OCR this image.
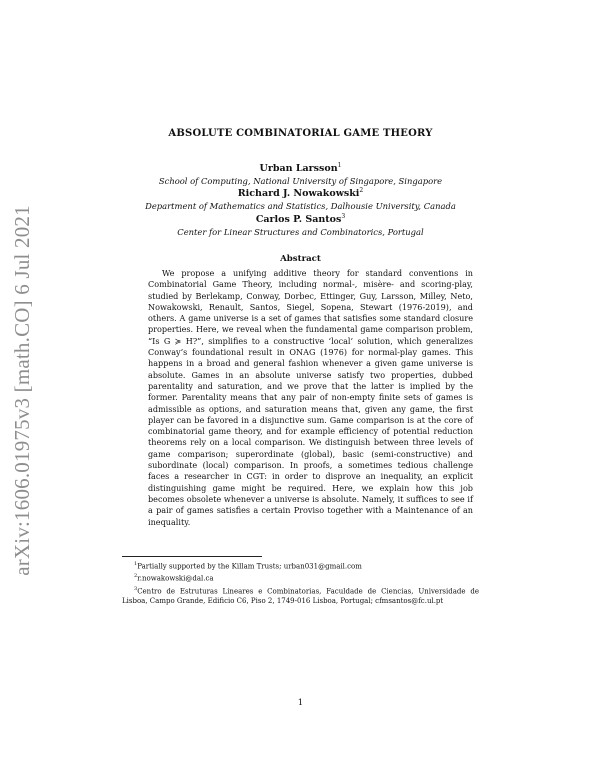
arXiv:1606.01975v3 [math.CO] 6 Jul 2021
ABSOLUTE COMBINATORIAL GAME THEORY
Urban Larsson$^1$
School of Computing, National University of Singapore, Singapore
Richard J. Nowakowski$^2$
Department of Mathematics and Statistics, Dalhousie University, Canada
Carlos P. Santos$^3$
Center for Linear Structures and Combinatorics, Portugal
Abstract

We propose a unifying additive theory for standard conventions in Combinatorial Game Theory, including normal-, misère- and scoring-play, studied by Berlekamp, Conway, Dorbec, Ettinger, Guy, Larsson, Milley, Neto, Nowakowski, Renault, Santos, Siegel, Sopena, Stewart (1976-2019), and others. A game universe is a set of games that satisfies some standard closure properties. Here, we reveal when the fundamental game comparison problem, “Is G ≽ H?”, simplifies to a constructive ‘local’ solution, which generalizes Conway’s foundational result in ONAG (1976) for normal-play games. This happens in a broad and general fashion whenever a given game universe is absolute. Games in an absolute universe satisfy two properties, dubbed parentality and saturation, and we prove that the latter is implied by the former. Parentality means that any pair of non-empty finite sets of games is admissible as options, and saturation means that, given any game, the first player can be favored in a disjunctive sum. Game comparison is at the core of combinatorial game theory, and for example efficiency of potential reduction theorems rely on a local comparison. We distinguish between three levels of game comparison; superordinate (global), basic (semi-constructive) and subordinate (local) comparison. In proofs, a sometimes tedious challenge faces a researcher in CGT: in order to disprove an inequality, an explicit distinguishing game might be required. Here, we explain how this job becomes obsolete whenever a universe is absolute. Namely, it suffices to see if a pair of games satisfies a certain Proviso together with a Maintenance of an inequality.

$^1$Partially supported by the Killam Trusts; urban031@gmail.com

$^2$r.nowakowski@dal.ca

$^3$Centro de Estruturas Lineares e Combinatorias, Faculdade de Ciencias, Universidade de Lisboa, Campo Grande, Edificio C6, Piso 2, 1749-016 Lisboa, Portugal; cfmsantos@fc.ul.pt

1
